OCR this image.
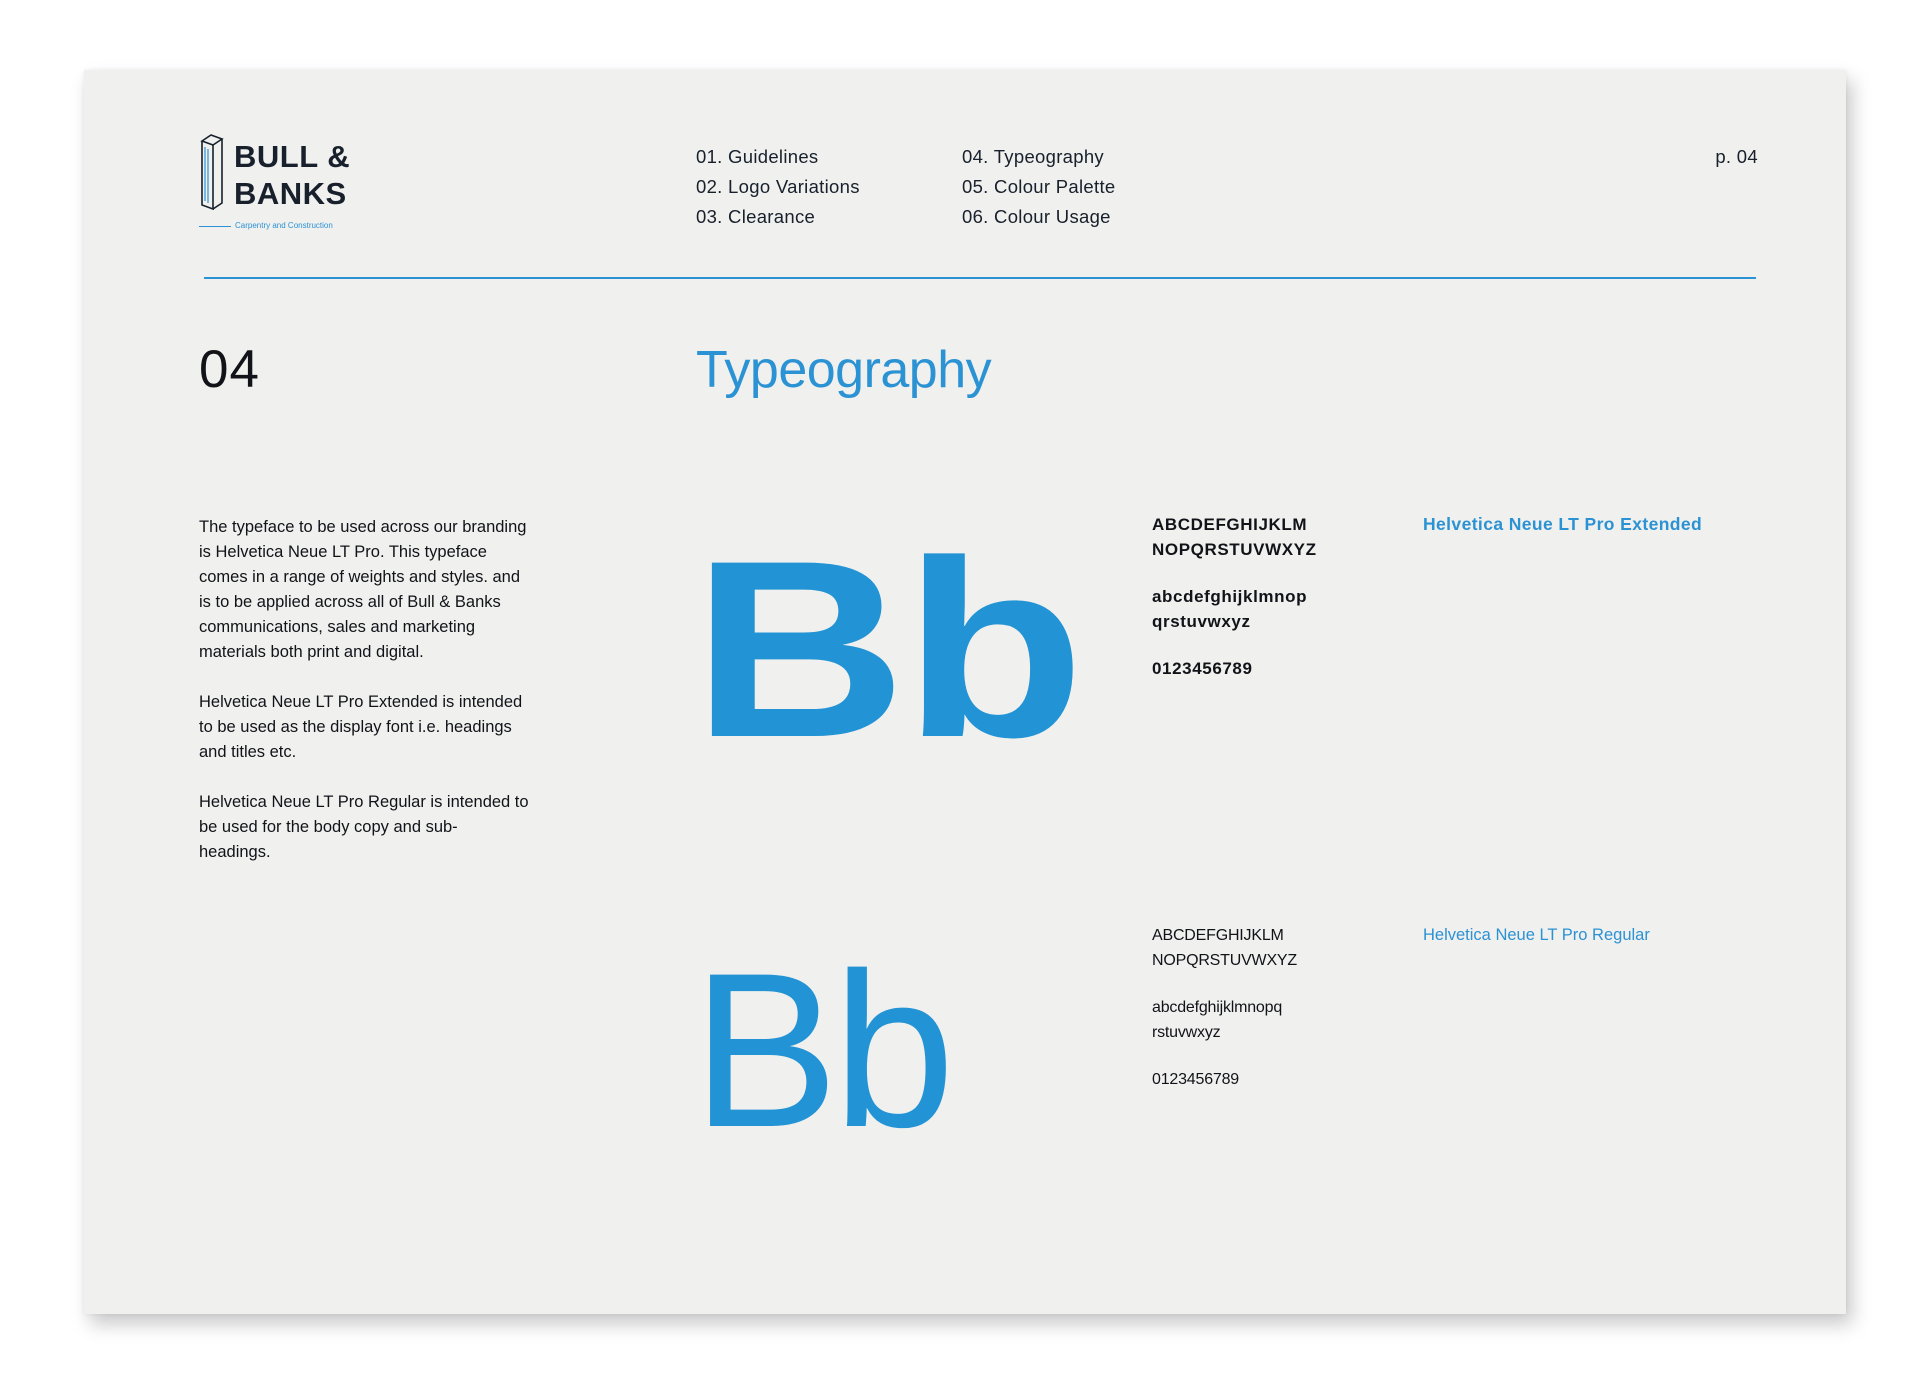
BULL &
BANKS
Carpentry and Construction
01. Guidelines
02. Logo Variations
03. Clearance
04. Typeography
05. Colour Palette
06. Colour Usage
p. 04
04	Typeography

The typeface to be used across our branding is Helvetica Neue LT Pro. This typeface comes in a range of weights and styles. and is to be applied across all of Bull & Banks communications, sales and marketing materials both print and digital.

Helvetica Neue LT Pro Extended is intended to be used as the display font i.e. headings and titles etc.

Helvetica Neue LT Pro Regular is intended to be used for the body copy and sub-headings.

Bb	ABCDEFGHIJKLM
NOPQRSTUVWXYZ
abcdefghijklmnop
qrstuvwxyz
0123456789
Helvetica Neue LT Pro Extended
Bb	ABCDEFGHIJKLM
NOPQRSTUVWXYZ
abcdefghijklmnopq
rstuvwxyz
0123456789
Helvetica Neue LT Pro Regular
